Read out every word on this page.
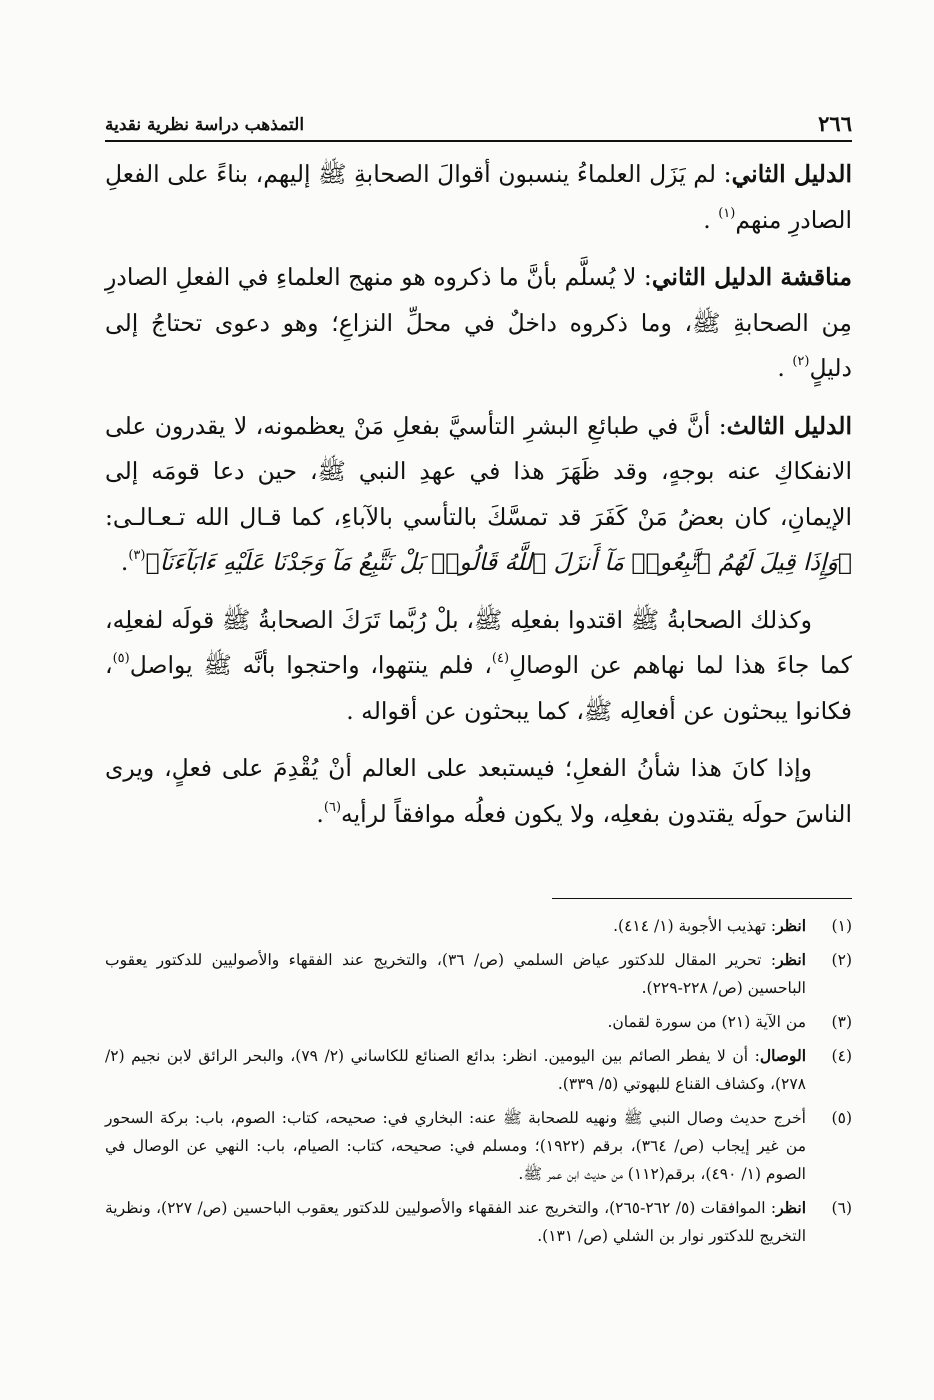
٢٦٦
التمذهب دراسة نظرية نقدية

الدليل الثاني: لم يَزَل العلماءُ ينسبون أقوالَ الصحابةِ ﷺ إليهم، بناءً على الفعلِ الصادرِ منهم$^{(١)}$ .

مناقشة الدليل الثاني: لا يُسلَّم بأنَّ ما ذكروه هو منهج العلماءِ في الفعلِ الصادرِ مِن الصحابةِ ﷺ، وما ذكروه داخلٌ في محلِّ النزاعِ؛ وهو دعوى تحتاجُ إلى دليلٍ$^{(٢)}$ .

الدليل الثالث: أنَّ في طبائعِ البشرِ التأسيَّ بفعلِ مَنْ يعظمونه، لا يقدرون على الانفكاكِ عنه بوجهٍ، وقد ظَهَرَ هذا في عهدِ النبي ﷺ، حين دعا قومَه إلى الإيمانِ، كان بعضُ مَنْ كَفَرَ قد تمسَّكَ بالتأسي بالآباءِ، كما قـال الله تـعـالـى: ﴿وَإِذَا قِيلَ لَهُمُ ٱتَّبِعُوا۟ مَآ أَنزَلَ ٱللَّهُ قَالُوا۟ بَلْ نَتَّبِعُ مَآ وَجَدْنَا عَلَيْهِ ءَابَآءَنَآ﴾$^{(٣)}$.

وكذلك الصحابةُ ﷺ اقتدوا بفعلِه ﷺ، بلْ رُبَّما تَرَكَ الصحابةُ ﷺ قولَه لفعلِه، كما جاءَ هذا لما نهاهم عن الوصالِ$^{(٤)}$، فلم ينتهوا، واحتجوا بأنَّه ﷺ يواصل$^{(٥)}$، فكانوا يبحثون عن أفعالِه ﷺ، كما يبحثون عن أقواله .

وإذا كانَ هذا شأنُ الفعلِ؛ فيستبعد على العالم أنْ يُقْدِمَ على فعلٍ، ويرى الناسَ حولَه يقتدون بفعلِه، ولا يكون فعلُه موافقاً لرأيه$^{(٦)}$.

(١)
انظر: تهذيب الأجوبة (١/ ٤١٤).
(٢)
انظر: تحرير المقال للدكتور عياض السلمي (ص/ ٣٦)، والتخريج عند الفقهاء والأصوليين للدكتور يعقوب الباحسين (ص/ ٢٢٨-٢٢٩).
(٣)
من الآية (٢١) من سورة لقمان.
(٤)
الوصال: أن لا يفطر الصائم بين اليومين. انظر: بدائع الصنائع للكاساني (٢/ ٧٩)، والبحر الرائق لابن نجيم (٢/ ٢٧٨)، وكشاف القناع للبهوتي (٥/ ٣٣٩).
(٥)
أخرج حديث وصال النبي ﷺ ونهيه للصحابة ﷺ عنه: البخاري في: صحيحه، كتاب: الصوم، باب: بركة السحور من غير إيجاب (ص/ ٣٦٤)، برقم (١٩٢٢)؛ ومسلم في: صحيحه، كتاب: الصيام، باب: النهي عن الوصال في الصوم (١/ ٤٩٠)، برقم(١١٢) من حديث ابن عمر ﷺ.
(٦)
انظر: الموافقات (٥/ ٢٦٢-٢٦٥)، والتخريج عند الفقهاء والأصوليين للدكتور يعقوب الباحسين (ص/ ٢٢٧)، ونظرية التخريج للدكتور نوار بن الشلي (ص/ ١٣١).
